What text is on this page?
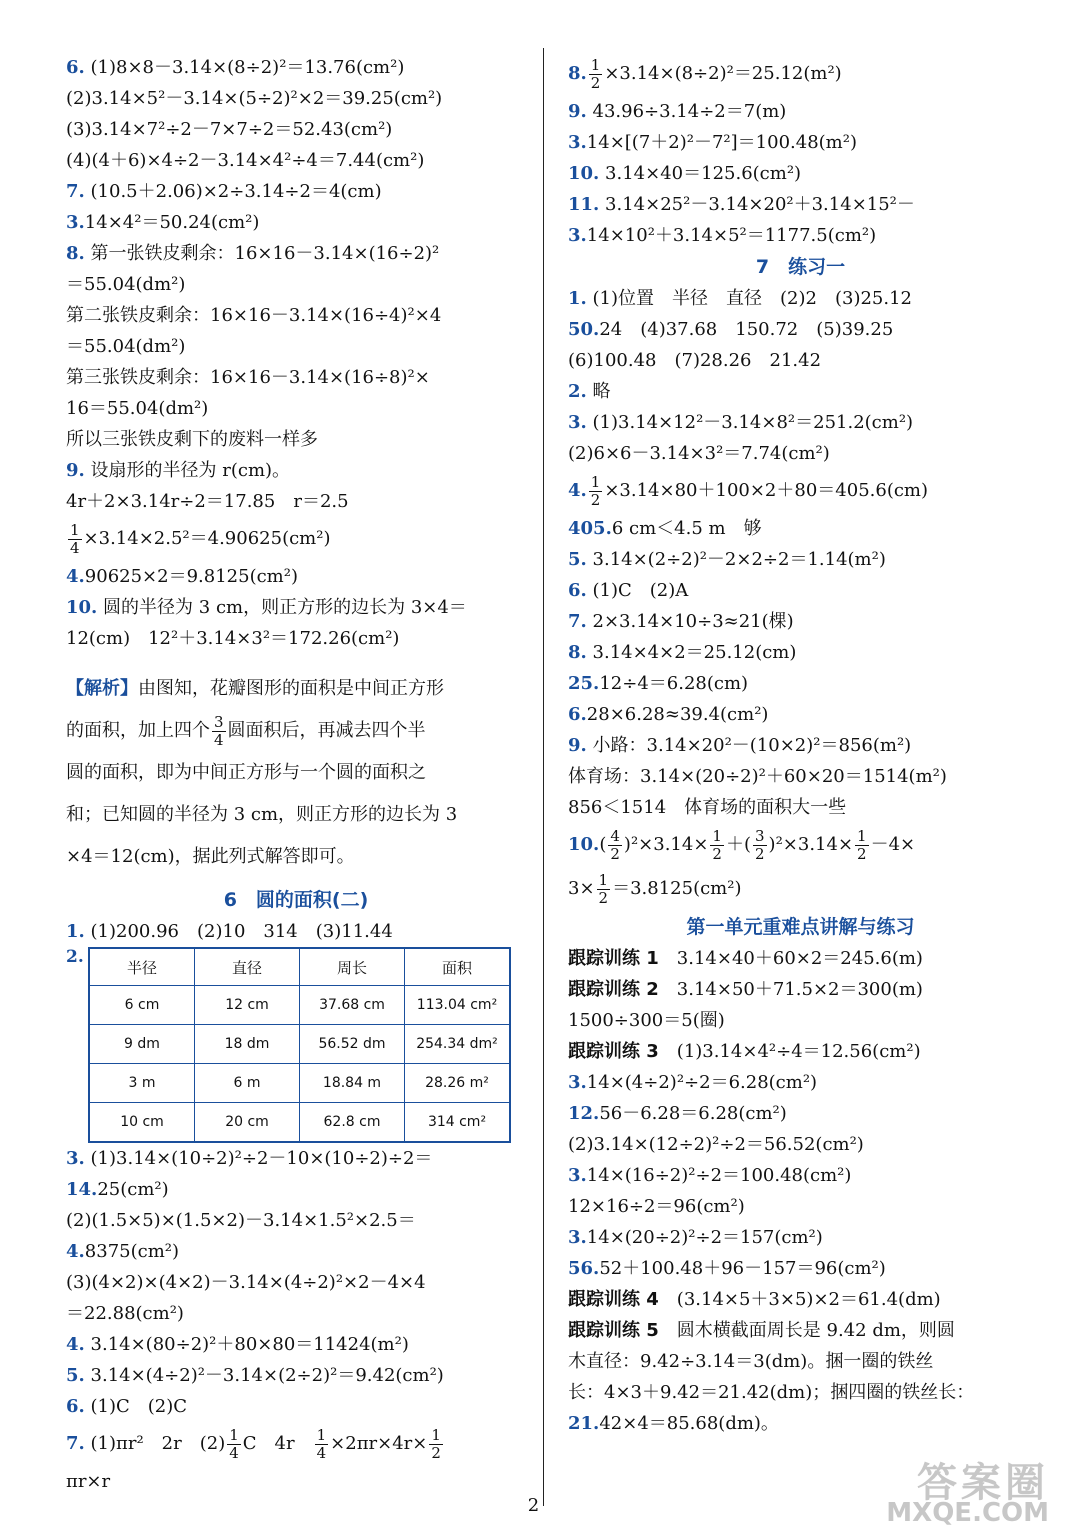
6. (1)8×8－3.14×(8÷2)²＝13.76(cm²)
(2)3.14×5²－3.14×(5÷2)²×2＝39.25(cm²)
(3)3.14×7²÷2－7×7÷2＝52.43(cm²)
(4)(4＋6)×4÷2－3.14×4²÷4＝7.44(cm²)
7. (10.5＋2.06)×2÷3.14÷2＝4(cm)
3.14×4²＝50.24(cm²)
8. 第一张铁皮剩余：16×16－3.14×(16÷2)²
＝55.04(dm²)
第二张铁皮剩余：16×16－3.14×(16÷4)²×4
＝55.04(dm²)
第三张铁皮剩余：16×16－3.14×(16÷8)²×
16＝55.04(dm²)
所以三张铁皮剩下的废料一样多
9. 设扇形的半径为 r(cm)。
4r＋2×3.14r÷2＝17.85　r＝2.5
$\frac{1}{4} \times 3.14\times 2.5^2=4.90625(cm^2)$
4.90625×2＝9.8125(cm²)
10. 圆的半径为 3 cm，则正方形的边长为 3×4＝
12(cm)　12²＋3.14×3²＝172.26(cm²)
【解析】由图知，花瓣图形的面积是中间正方形
的面积，加上四个 $\frac{3}{4}$ 圆面积后，再减去四个半
圆的面积，即为中间正方形与一个圆的面积之
和；已知圆的半径为 3 cm，则正方形的边长为 3
×4＝12(cm)，据此列式解答即可。
6　圆的面积(二)
1. (1)200.96　(2)10　314　(3)11.44
2.
半径	直径	周长	面积
6 cm	12 cm	37.68 cm	113.04 cm²
9 dm	18 dm	56.52 dm	254.34 dm²
3 m	6 m	18.84 m	28.26 m²
10 cm	20 cm	62.8 cm	314 cm²
3. (1)3.14×(10÷2)²÷2－10×(10÷2)÷2＝
14.25(cm²)
(2)(1.5×5)×(1.5×2)－3.14×1.5²×2.5＝
4.8375(cm²)
(3)(4×2)×(4×2)－3.14×(4÷2)²×2－4×4
＝22.88(cm²)
4. 3.14×(80÷2)²＋80×80＝11424(m²)
5. 3.14×(4÷2)²－3.14×(2÷2)²＝9.42(cm²)
6. (1)C　(2)C
7. (1)πr²　2r　$(2) \frac{1}{4}$ C　4r　 $\frac{1}{4} \times 2\pi r\times 4r\times \frac{1}{2}$
πr×r
8. $\frac{1}{2} \times 3.14\times(8\div 2)^2=25.12(m^2)$
9. 43.96÷3.14÷2＝7(m)
3.14×[(7＋2)²－7²]＝100.48(m²)
10. 3.14×40＝125.6(cm²)
11. 3.14×25²－3.14×20²＋3.14×15²－
3.14×10²＋3.14×5²＝1177.5(cm²)
7　练习一
1. (1)位置　半径　直径　(2)2　(3)25.12
50.24　(4)37.68　150.72　(5)39.25
(6)100.48　(7)28.26　21.42
2. 略
3. (1)3.14×12²－3.14×8²＝251.2(cm²)
(2)6×6－3.14×3²＝7.74(cm²)
4. $\frac{1}{2} \times 3.14\times 80+100\times 2+80=405.6(cm)$
405.6 cm＜4.5 m　够
5. 3.14×(2÷2)²－2×2÷2＝1.14(m²)
6. (1)C　(2)A
7. 2×3.14×10÷3≈21(棵)
8. 3.14×4×2＝25.12(cm)
25.12÷4＝6.28(cm)
6.28×6.28≈39.4(cm²)
9. 小路：3.14×20²－(10×2)²＝856(m²)
体育场：3.14×(20÷2)²＋60×20＝1514(m²)
856＜1514　体育场的面积大一些
$10.( \frac{4}{2} )^2\times 3.14\times \frac{1}{2}$ ＋( $\frac{3}{2} )^2\times 3.14\times \frac{1}{2} -4\times$
$3\times \frac{1}{2} =3.8125(cm^2)$
第一单元重难点讲解与练习
跟踪训练 1　 3.14×40＋60×2＝245.6(m)
跟踪训练 2　 3.14×50＋71.5×2＝300(m)
1500÷300＝5(圈)
跟踪训练 3　 (1)3.14×4²÷4＝12.56(cm²)
3.14×(4÷2)²÷2＝6.28(cm²)
12.56－6.28＝6.28(cm²)
(2)3.14×(12÷2)²÷2＝56.52(cm²)
3.14×(16÷2)²÷2＝100.48(cm²)
12×16÷2＝96(cm²)
3.14×(20÷2)²÷2＝157(cm²)
56.52＋100.48＋96－157＝96(cm²)
跟踪训练 4　 (3.14×5＋3×5)×2＝61.4(dm)
跟踪训练 5　 圆木横截面周长是 9.42 dm，则圆
木直径：9.42÷3.14＝3(dm)。捆一圈的铁丝
长：4×3＋9.42＝21.42(dm)；捆四圈的铁丝长：
21.42×4＝85.68(dm)。
2	答案圈
MXQE.COM
